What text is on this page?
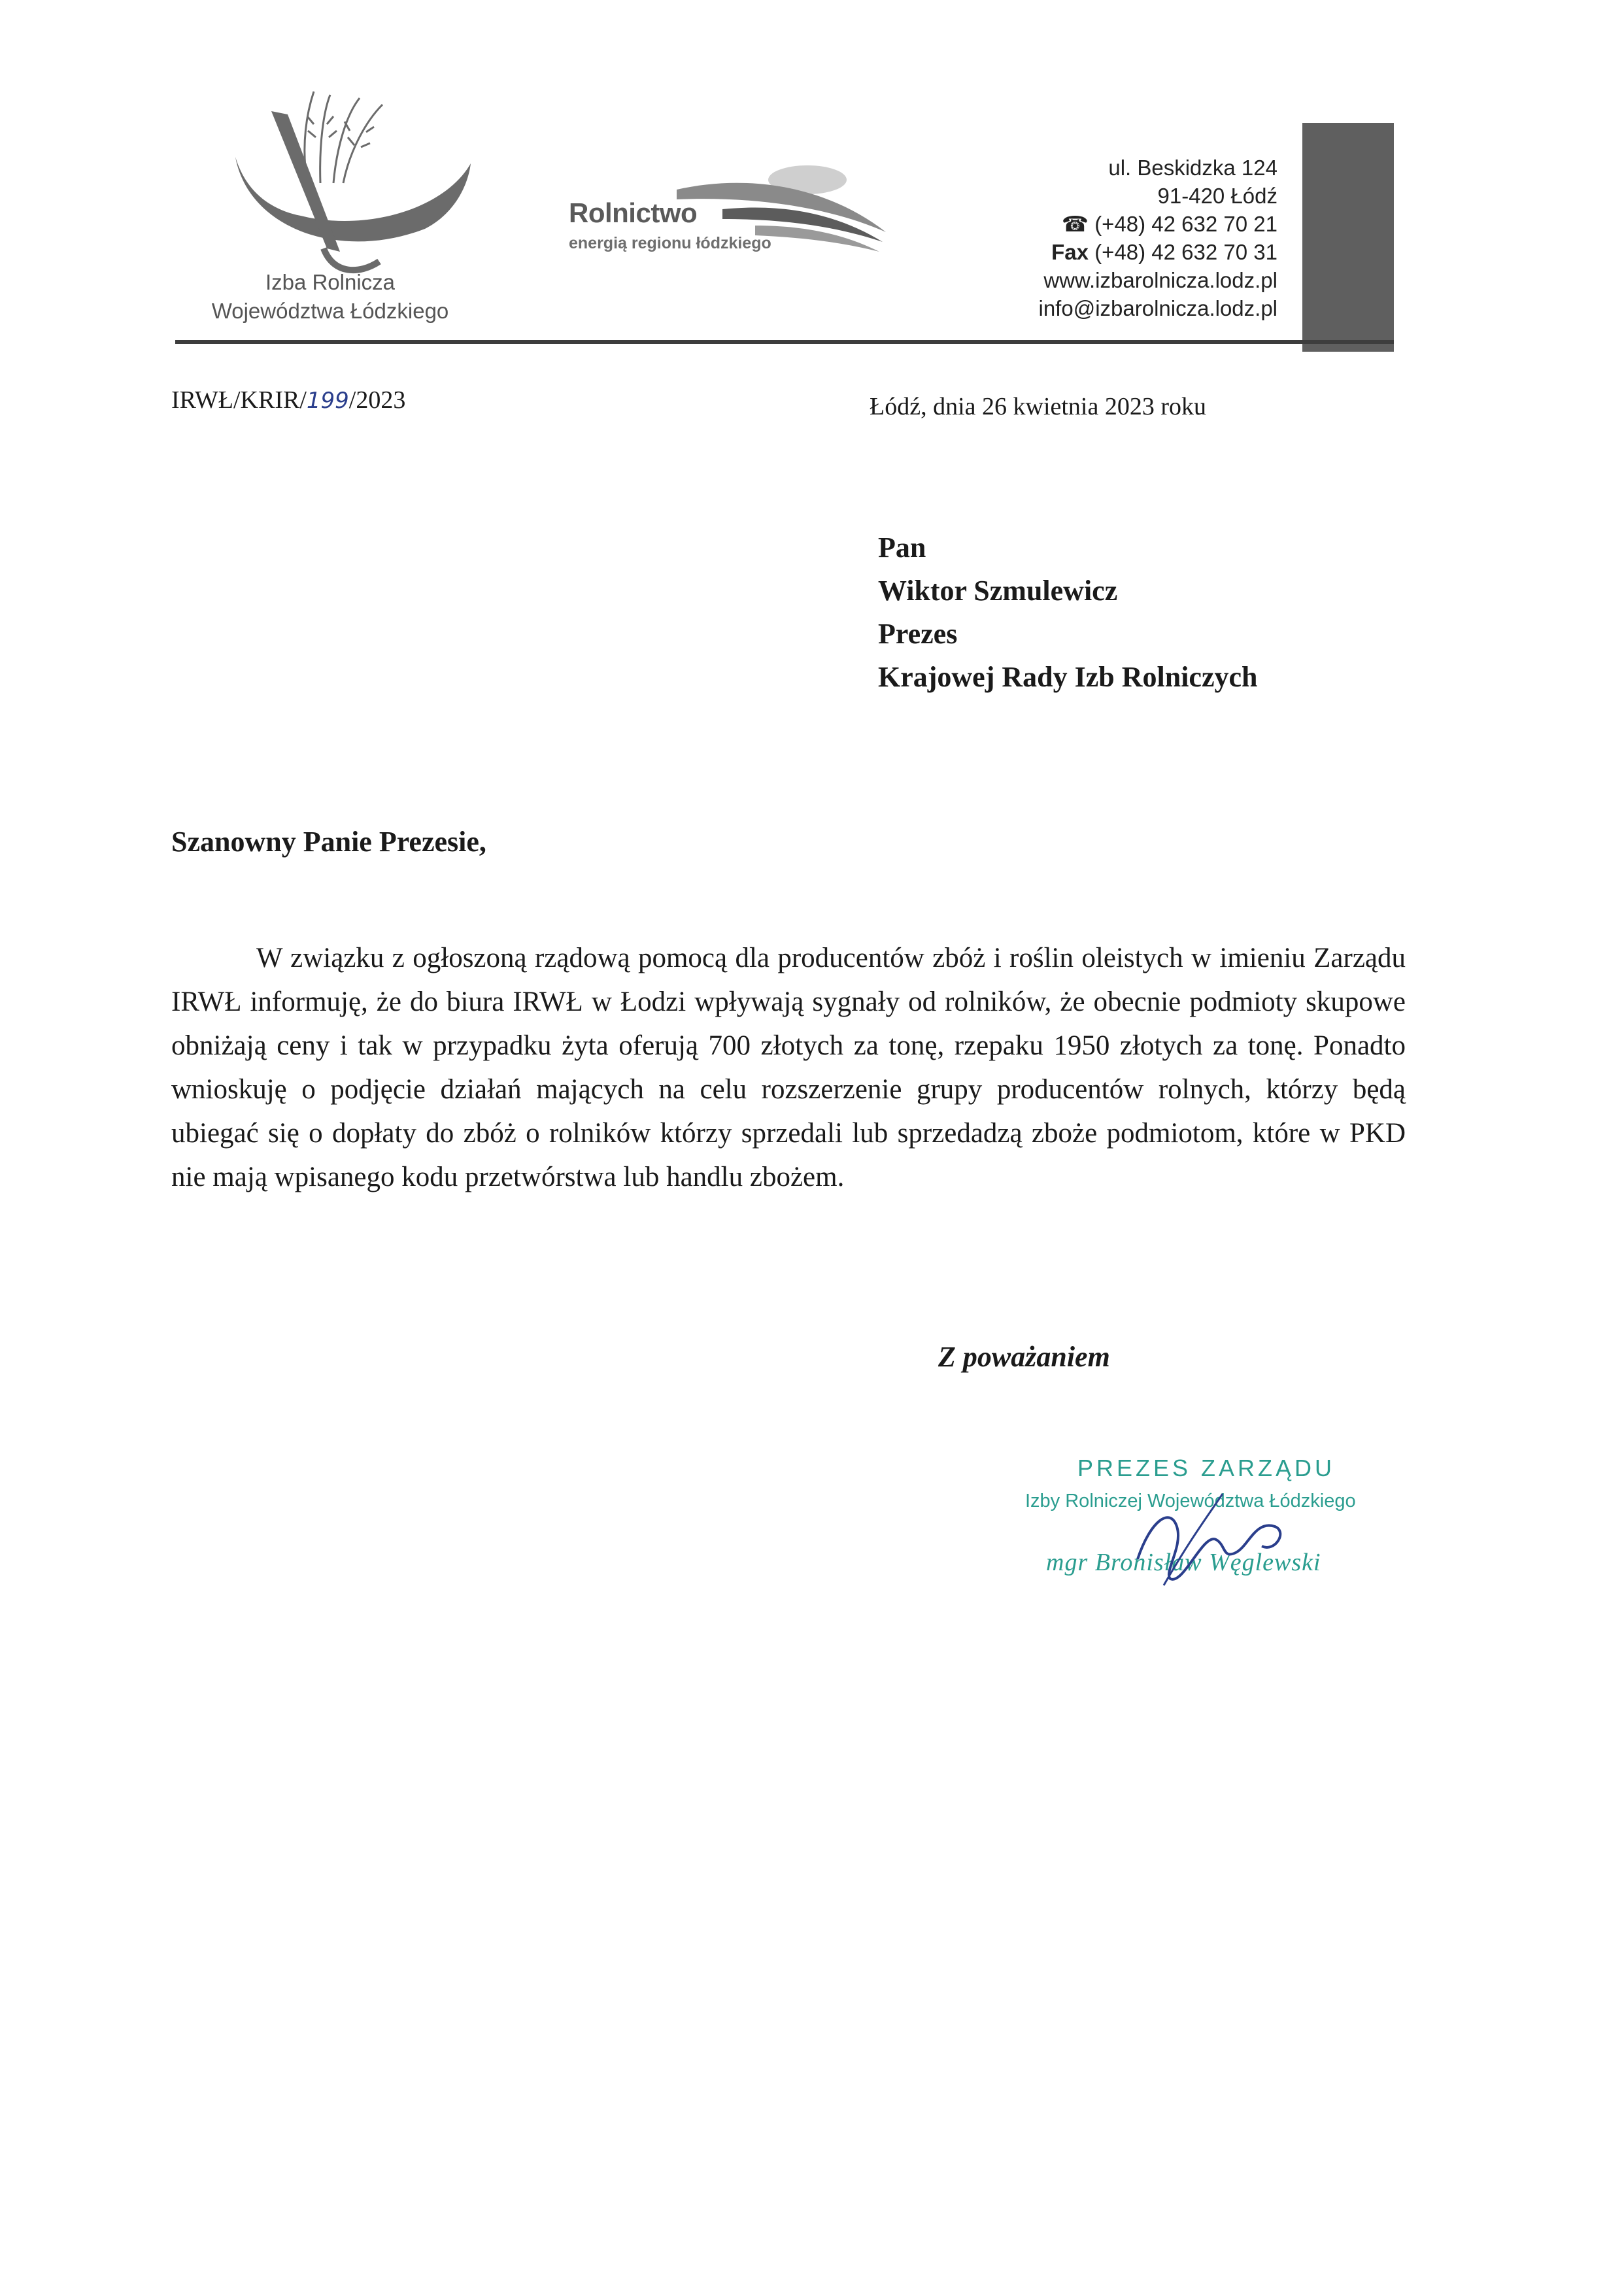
Izba Rolnicza
Województwa Łódzkiego
Rolnictwo
energią regionu łódzkiego
ul. Beskidzka 124
91-420 Łódź
☎ (+48) 42 632 70 21
Fax (+48) 42 632 70 31
www.izbarolnicza.lodz.pl
info@izbarolnicza.lodz.pl
IRWŁ/KRIR/199/2023	Łódź, dnia 26 kwietnia 2023 roku
Pan
Wiktor Szmulewicz
Prezes
Krajowej Rady Izb Rolniczych
Szanowny Panie Prezesie,
W związku z ogłoszoną rządową pomocą dla producentów zbóż i roślin oleistych w imieniu Zarządu IRWŁ informuję, że do biura IRWŁ w Łodzi wpływają sygnały od rolników, że obecnie podmioty skupowe obniżają ceny i tak w przypadku żyta oferują 700 złotych za tonę, rzepaku 1950 złotych za tonę. Ponadto wnioskuję o podjęcie działań mających na celu rozszerzenie grupy producentów rolnych, którzy będą ubiegać się o dopłaty do zbóż o rolników którzy sprzedali lub sprzedadzą zboże podmiotom, które w PKD nie mają wpisanego kodu przetwórstwa lub handlu zbożem.
Z poważaniem
PREZES ZARZĄDU
Izby Rolniczej Województwa Łódzkiego
mgr Bronisław Węglewski
